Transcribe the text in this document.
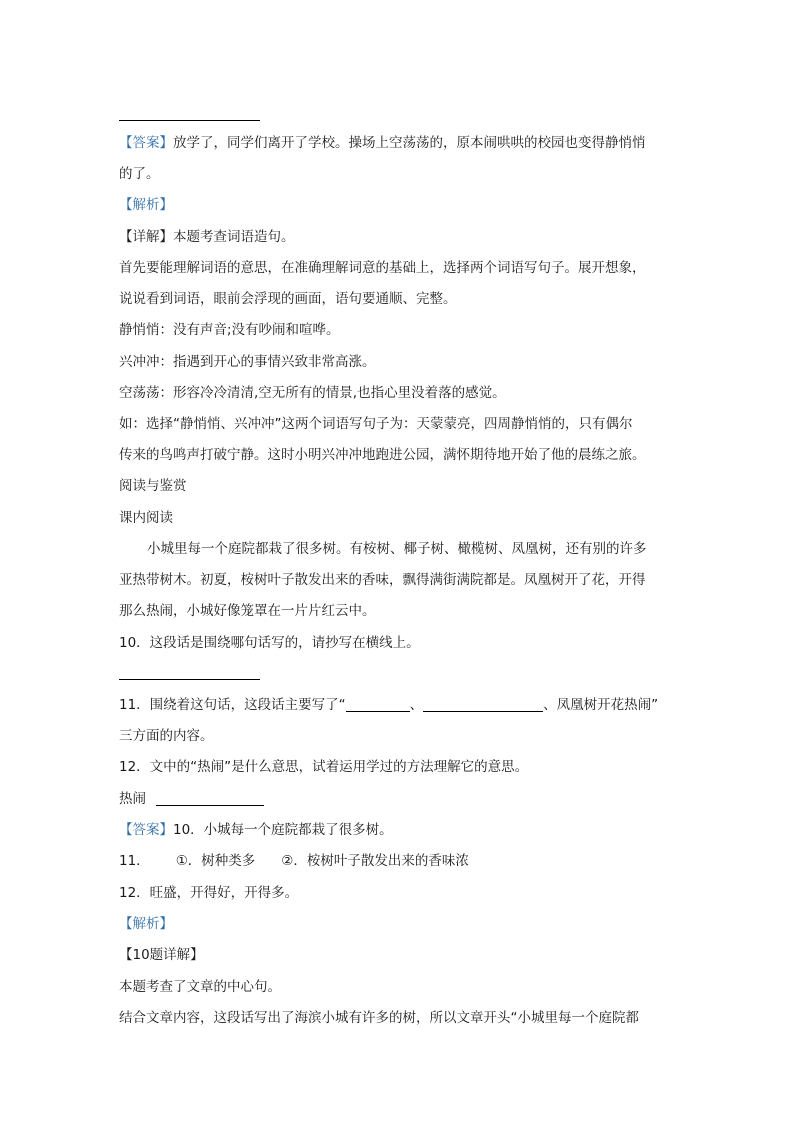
【答案】放学了，同学们离开了学校。操场上空荡荡的，原本闹哄哄的校园也变得静悄悄
的了。
【解析】
【详解】本题考查词语造句。
首先要能理解词语的意思，在准确理解词意的基础上，选择两个词语写句子。展开想象，
说说看到词语，眼前会浮现的画面，语句要通顺、完整。
静悄悄：没有声音;没有吵闹和喧哗。
兴冲冲：指遇到开心的事情兴致非常高涨。
空荡荡：形容冷冷清清,空无所有的情景,也指心里没着落的感觉。
如：选择“静悄悄、兴冲冲”这两个词语写句子为：天蒙蒙亮，四周静悄悄的，只有偶尔
传来的鸟鸣声打破宁静。这时小明兴冲冲地跑进公园，满怀期待地开始了他的晨练之旅。
阅读与鉴赏
课内阅读
小城里每一个庭院都栽了很多树。有桉树、椰子树、橄榄树、凤凰树，还有别的许多
亚热带树木。初夏，桉树叶子散发出来的香味，飘得满街满院都是。凤凰树开了花，开得
那么热闹，小城好像笼罩在一片片红云中。
10．这段话是围绕哪句话写的，请抄写在横线上。
11．围绕着这句话，这段话主要写了“	、	、凤凰树开花热闹”
三方面的内容。
12．文中的“热闹”是什么意思，试着运用学过的方法理解它的意思。
热闹
【答案】10．小城每一个庭院都栽了很多树。
11． ①．树种类多 ②．桉树叶子散发出来的香味浓
12．旺盛，开得好，开得多。
【解析】
【10题详解】
本题考查了文章的中心句。
结合文章内容，这段话写出了海滨小城有许多的树，所以文章开头“小城里每一个庭院都
